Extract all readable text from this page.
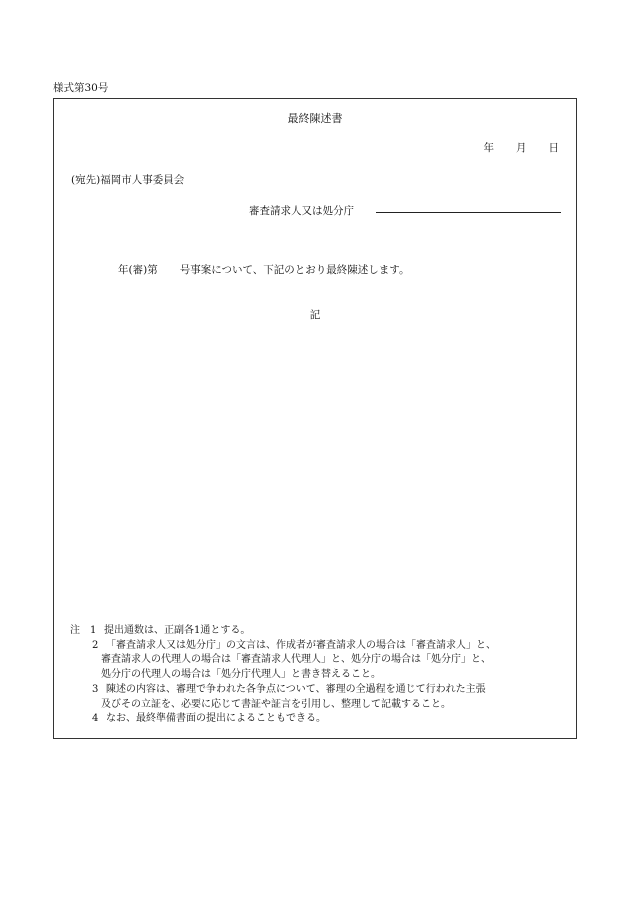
様式第30号
最終陳述書
年 月 日
(宛先)福岡市人事委員会
審査請求人又は処分庁
年(審)第 号事案について、下記のとおり最終陳述します。
記
注 1 提出通数は、正副各1通とする。
2 「審査請求人又は処分庁」の文言は、作成者が審査請求人の場合は「審査請求人」と、
審査請求人の代理人の場合は「審査請求人代理人」と、処分庁の場合は「処分庁」と、
処分庁の代理人の場合は「処分庁代理人」と書き替えること。
3 陳述の内容は、審理で争われた各争点について、審理の全過程を通じて行われた主張
及びその立証を、必要に応じて書証や証言を引用し、整理して記載すること。
4 なお、最終準備書面の提出によることもできる。
